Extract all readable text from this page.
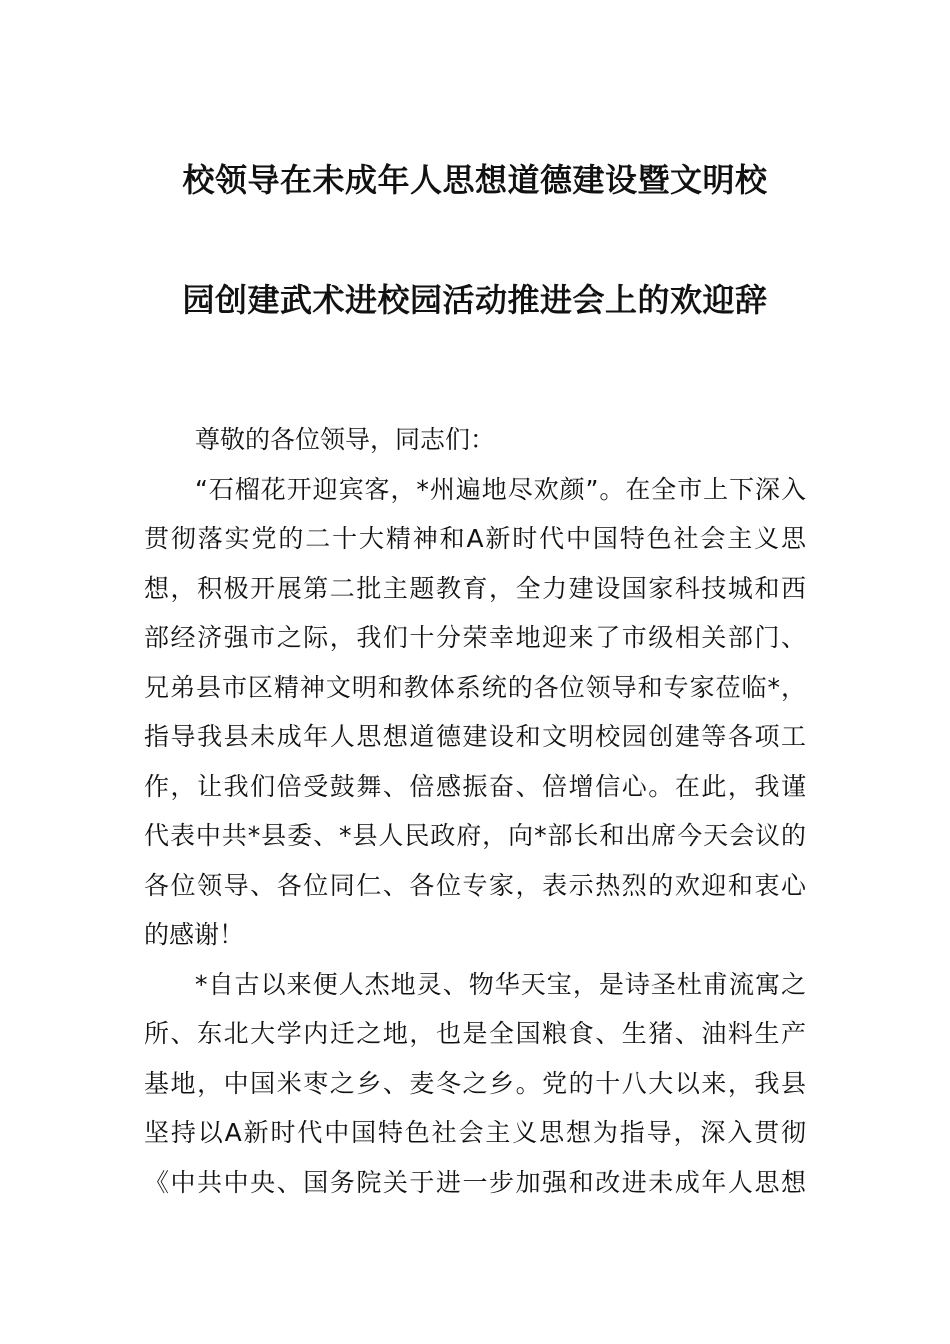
校领导在未成年人思想道德建设暨文明校
园创建武术进校园活动推进会上的欢迎辞
尊敬的各位领导，同志们：
“石榴花开迎宾客，*州遍地尽欢颜”。在全市上下深入
贯彻落实党的二十大精神和A新时代中国特色社会主义思
想，积极开展第二批主题教育，全力建设国家科技城和西
部经济强市之际，我们十分荣幸地迎来了市级相关部门、
兄弟县市区精神文明和教体系统的各位领导和专家莅临*，
指导我县未成年人思想道德建设和文明校园创建等各项工
作，让我们倍受鼓舞、倍感振奋、倍增信心。在此，我谨
代表中共*县委、*县人民政府，向*部长和出席今天会议的
各位领导、各位同仁、各位专家，表示热烈的欢迎和衷心
的感谢！
*自古以来便人杰地灵、物华天宝，是诗圣杜甫流寓之
所、东北大学内迁之地，也是全国粮食、生猪、油料生产
基地，中国米枣之乡、麦冬之乡。党的十八大以来，我县
坚持以A新时代中国特色社会主义思想为指导，深入贯彻
《中共中央、国务院关于进一步加强和改进未成年人思想
